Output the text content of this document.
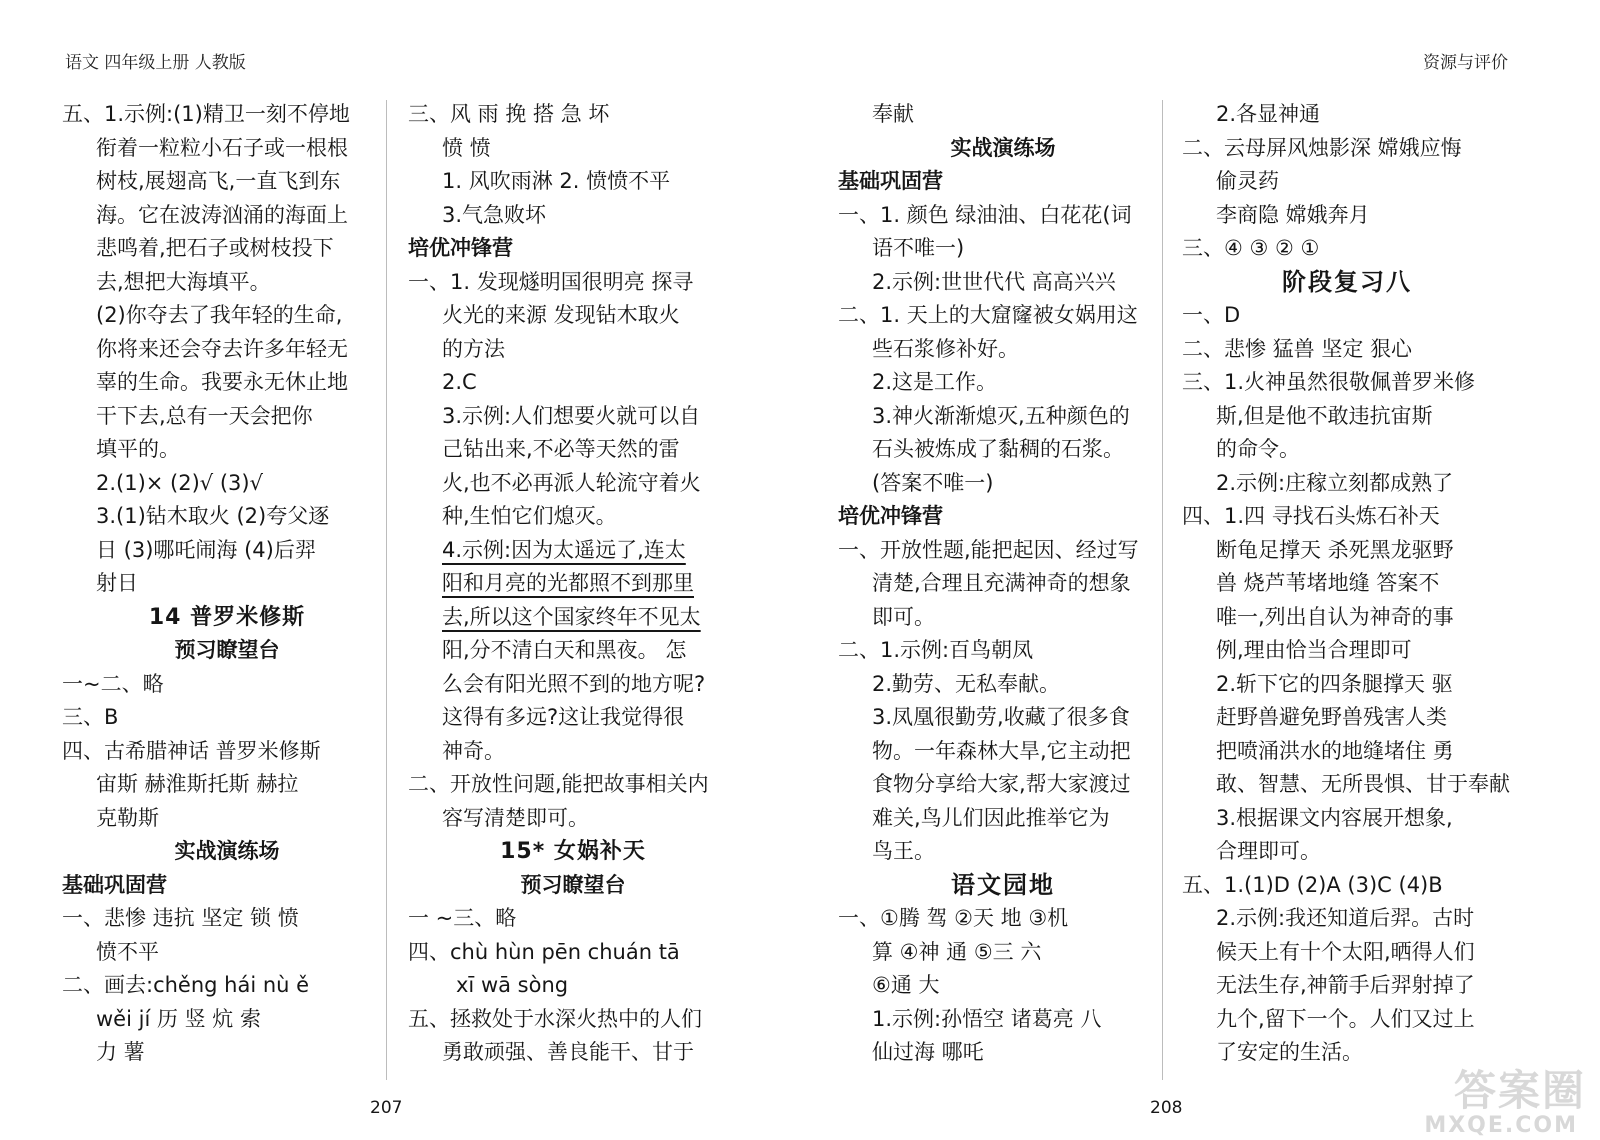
语文 四年级上册 人教版	资源与评价

五、1.示例:(1)精卫一刻不停地

衔着一粒粒小石子或一根根

树枝,展翅高飞,一直飞到东

海。它在波涛汹涌的海面上

悲鸣着,把石子或树枝投下

去,想把大海填平。

(2)你夺去了我年轻的生命,

你将来还会夺去许多年轻无

辜的生命。我要永无休止地

干下去,总有一天会把你

填平的。

2.(1)× (2)√ (3)√

3.(1)钻木取火 (2)夸父逐

日 (3)哪吒闹海 (4)后羿

射日

14 普罗米修斯

预习瞭望台

一~二、略

三、B

四、古希腊神话 普罗米修斯

宙斯 赫淮斯托斯 赫拉

克勒斯

实战演练场

基础巩固营

一、悲惨 违抗 坚定 锁 愤

愤不平

二、画去:chěng hái nù ě

wěi jí 历 竖 炕 索

力 薯

三、风 雨 挽 搭 急 坏

愤 愤

1. 风吹雨淋 2. 愤愤不平

3.气急败坏

培优冲锋营

一、1. 发现燧明国很明亮 探寻

火光的来源 发现钻木取火

的方法

2.C

3.示例:人们想要火就可以自

己钻出来,不必等天然的雷

火,也不必再派人轮流守着火

种,生怕它们熄灭。

4.示例:因为太遥远了,连太

阳和月亮的光都照不到那里

去,所以这个国家终年不见太

阳,分不清白天和黑夜。 怎

么会有阳光照不到的地方呢?

这得有多远?这让我觉得很

神奇。

二、开放性问题,能把故事相关内

容写清楚即可。

15* 女娲补天

预习瞭望台

一 ~三、略

四、chù hùn pēn chuán tā

xī wā sòng

五、拯救处于水深火热中的人们

勇敢顽强、善良能干、甘于

奉献

实战演练场

基础巩固营

一、1. 颜色 绿油油、白花花(词

语不唯一)

2.示例:世世代代 高高兴兴

二、1. 天上的大窟窿被女娲用这

些石浆修补好。

2.这是工作。

3.神火渐渐熄灭,五种颜色的

石头被炼成了黏稠的石浆。

(答案不唯一)

培优冲锋营

一、开放性题,能把起因、经过写

清楚,合理且充满神奇的想象

即可。

二、1.示例:百鸟朝凤

2.勤劳、无私奉献。

3.凤凰很勤劳,收藏了很多食

物。一年森林大旱,它主动把

食物分享给大家,帮大家渡过

难关,鸟儿们因此推举它为

鸟王。

语文园地

一、①腾 驾 ②天 地 ③机

算 ④神 通 ⑤三 六

⑥通 大

1.示例:孙悟空 诸葛亮 八

仙过海 哪吒

2.各显神通

二、云母屏风烛影深 嫦娥应悔

偷灵药

李商隐 嫦娥奔月

三、④ ③ ② ①

阶段复习八

一、D

二、悲惨 猛兽 坚定 狠心

三、1.火神虽然很敬佩普罗米修

斯,但是他不敢违抗宙斯

的命令。

2.示例:庄稼立刻都成熟了

四、1.四 寻找石头炼石补天

断龟足撑天 杀死黑龙驱野

兽 烧芦苇堵地缝 答案不

唯一,列出自认为神奇的事

例,理由恰当合理即可

2.斩下它的四条腿撑天 驱

赶野兽避免野兽残害人类

把喷涌洪水的地缝堵住 勇

敢、智慧、无所畏惧、甘于奉献

3.根据课文内容展开想象,

合理即可。

五、1.(1)D (2)A (3)C (4)B

2.示例:我还知道后羿。古时

候天上有十个太阳,晒得人们

无法生存,神箭手后羿射掉了

九个,留下一个。人们又过上

了安定的生活。

207	208	答案圈
MXQE.COM
